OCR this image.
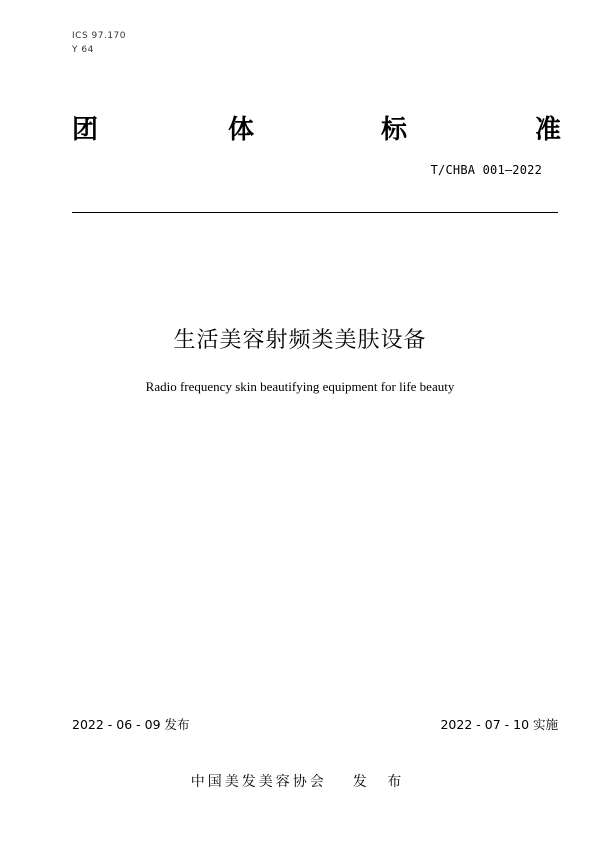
ICS 97.170
Y 64
团	体	标	准
T/CHBA 001—2022
生活美容射频类美肤设备
Radio frequency skin beautifying equipment for life beauty
2022 - 06 - 09 发布	2022 - 07 - 10 实施
中国美发美容协会 发 布
